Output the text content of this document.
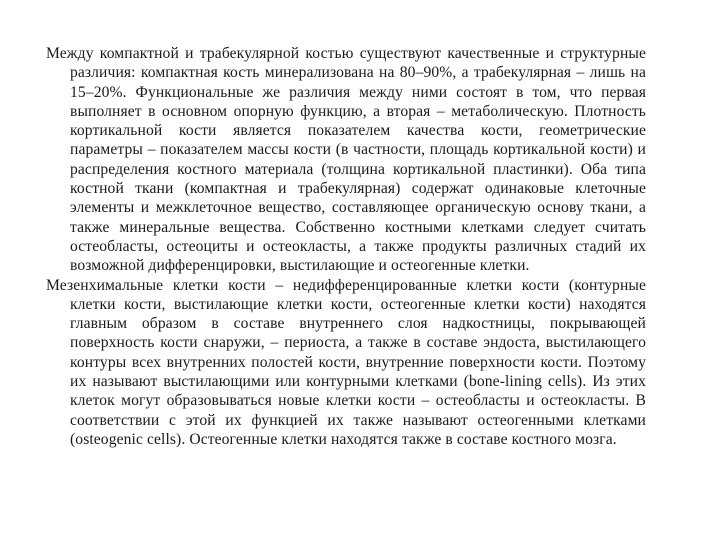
Между компактной и трабекулярной костью существуют качественные и структурные различия: компактная кость минерализована на 80–90%, а трабекулярная – лишь на 15–20%. Функциональные же различия между ними состоят в том, что первая выполняет в основном опорную функцию, а вторая – метаболическую. Плотность кортикальной кости является показателем качества кости, геометрические параметры – показателем массы кости (в частности, площадь кортикальной кости) и распределения костного материала (толщина кортикальной пластинки). Оба типа костной ткани (компактная и трабекулярная) содержат одинаковые клеточные элементы и межклеточное вещество, составляющее органическую основу ткани, а также минеральные вещества. Собственно костными клетками следует считать остеобласты, остеоциты и остеокласты, а также продукты различных стадий их возможной дифференцировки, выстилающие и остеогенные клетки.

Мезенхимальные клетки кости – недифференцированные клетки кости (контурные клетки кости, выстилающие клетки кости, остеогенные клетки кости) находятся главным образом в составе внутреннего слоя надкостницы, покрывающей поверхность кости снаружи, – периоста, а также в составе эндоста, выстилающего контуры всех внутренних полостей кости, внутренние поверхности кости. Поэтому их называют выстилающими или контурными клетками (bone-lining cells). Из этих клеток могут образовываться новые клетки кости – остеобласты и остеокласты. В соответствии с этой их функцией их также называют остеогенными клетками (osteogenic cells). Остеогенные клетки находятся также в составе костного мозга.
